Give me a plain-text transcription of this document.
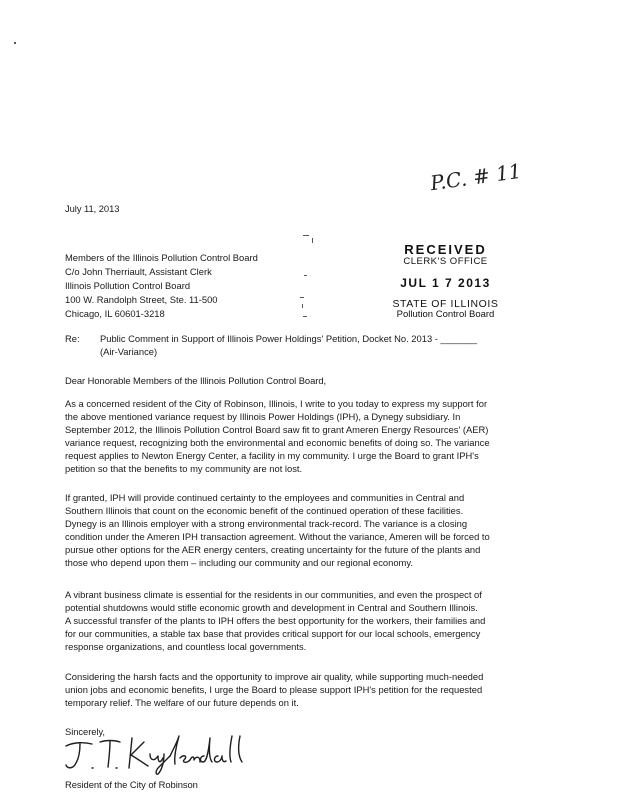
P.C. # 11
July 11, 2013
Members of the Illinois Pollution Control Board
C/o John Therriault, Assistant Clerk
Illinois Pollution Control Board
100 W. Randolph Street, Ste. 11-500
Chicago, IL 60601-3218
RECEIVED
CLERK'S OFFICE
JUL 1 7 2013
STATE OF ILLINOIS
Pollution Control Board
Re: Public Comment in Support of Illinois Power Holdings' Petition, Docket No. 2013 - _______
(Air-Variance)
Dear Honorable Members of the Illinois Pollution Control Board,
As a concerned resident of the City of Robinson, Illinois, I write to you today to express my support for
the above mentioned variance request by Illinois Power Holdings (IPH), a Dynegy subsidiary. In
September 2012, the Illinois Pollution Control Board saw fit to grant Ameren Energy Resources' (AER)
variance request, recognizing both the environmental and economic benefits of doing so. The variance
request applies to Newton Energy Center, a facility in my community. I urge the Board to grant IPH's
petition so that the benefits to my community are not lost.
If granted, IPH will provide continued certainty to the employees and communities in Central and
Southern Illinois that count on the economic benefit of the continued operation of these facilities.
Dynegy is an Illinois employer with a strong environmental track-record. The variance is a closing
condition under the Ameren IPH transaction agreement. Without the variance, Ameren will be forced to
pursue other options for the AER energy centers, creating uncertainty for the future of the plants and
those who depend upon them – including our community and our regional economy.
A vibrant business climate is essential for the residents in our communities, and even the prospect of
potential shutdowns would stifle economic growth and development in Central and Southern Illinois.
A successful transfer of the plants to IPH offers the best opportunity for the workers, their families and
for our communities, a stable tax base that provides critical support for our local schools, emergency
response organizations, and countless local governments.
Considering the harsh facts and the opportunity to improve air quality, while supporting much-needed
union jobs and economic benefits, I urge the Board to please support IPH's petition for the requested
temporary relief. The welfare of our future depends on it.
Sincerely,
Resident of the City of Robinson
